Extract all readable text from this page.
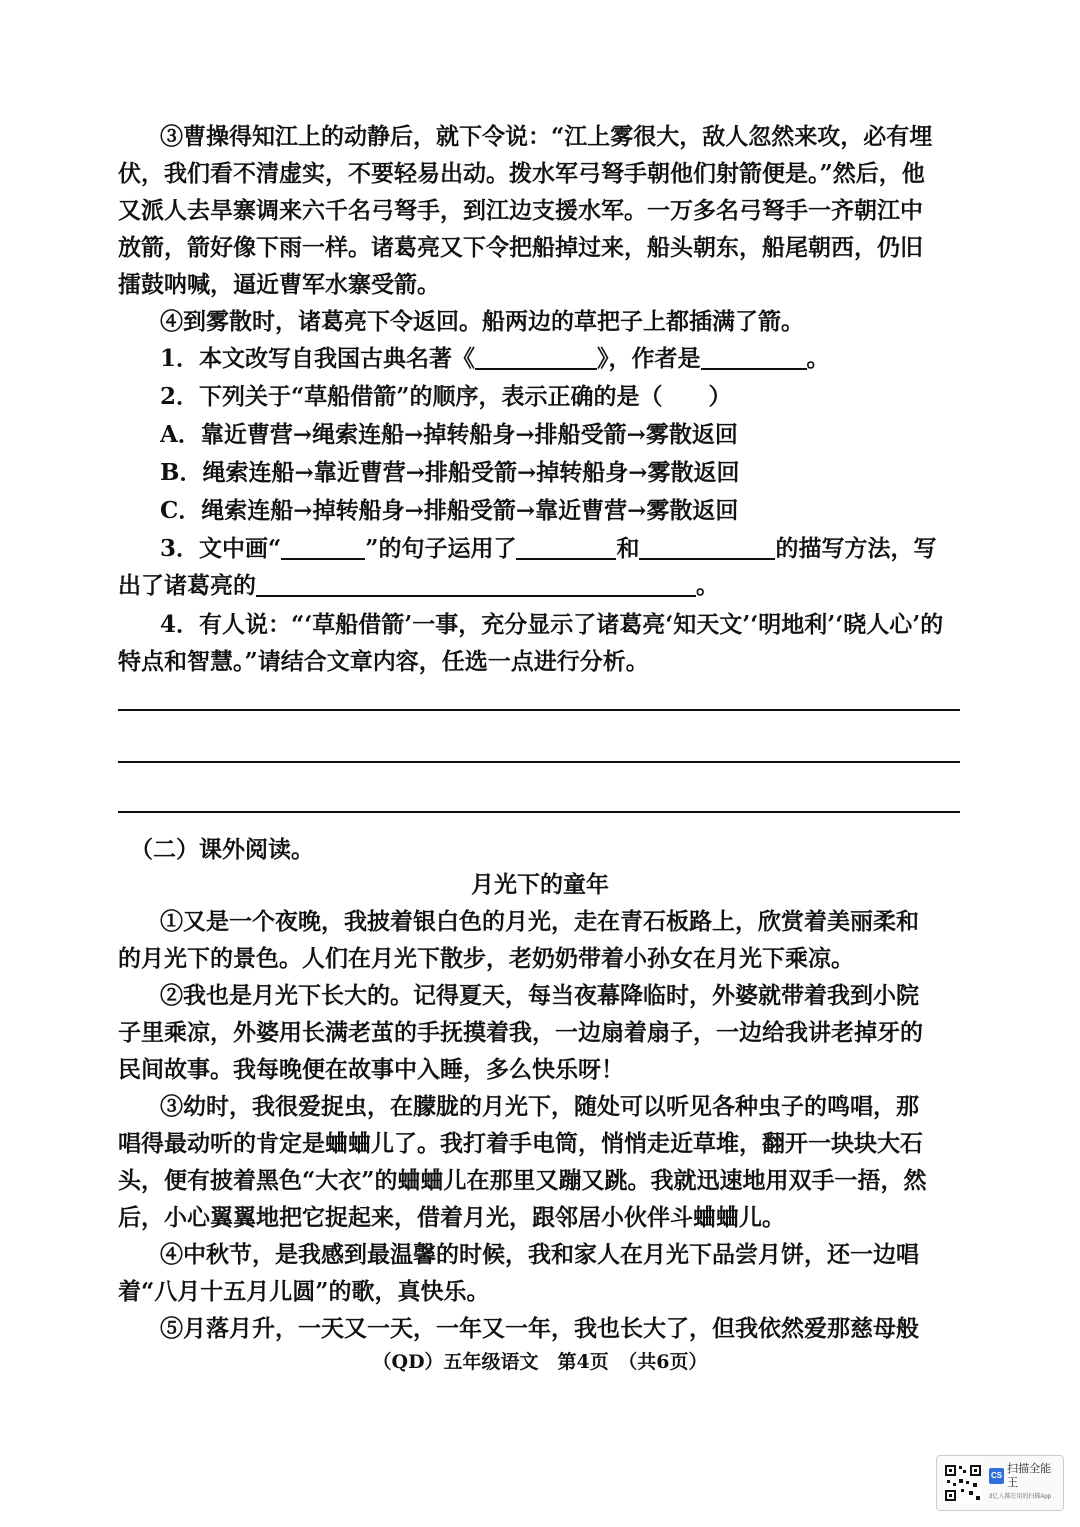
③曹操得知江上的动静后，就下令说：“江上雾很大，敌人忽然来攻，必有埋
伏，我们看不清虚实，不要轻易出动。拨水军弓弩手朝他们射箭便是。”然后，他
又派人去旱寨调来六千名弓弩手，到江边支援水军。一万多名弓弩手一齐朝江中
放箭，箭好像下雨一样。诸葛亮又下令把船掉过来，船头朝东，船尾朝西，仍旧
擂鼓呐喊，逼近曹军水寨受箭。
④到雾散时，诸葛亮下令返回。船两边的草把子上都插满了箭。
1．本文改写自我国古典名著《	》，作者是	。
2．下列关于“草船借箭”的顺序，表示正确的是（　　）
A．靠近曹营→绳索连船→掉转船身→排船受箭→雾散返回
B．绳索连船→靠近曹营→排船受箭→掉转船身→雾散返回
C．绳索连船→掉转船身→排船受箭→靠近曹营→雾散返回
3．文中画“	”的句子运用了	和	的描写方法，写
出了诸葛亮的	。
4．有人说：“‘草船借箭’一事，充分显示了诸葛亮‘知天文’‘明地利’‘晓人心’的
特点和智慧。”请结合文章内容，任选一点进行分析。
（二）课外阅读。
月光下的童年
①又是一个夜晚，我披着银白色的月光，走在青石板路上，欣赏着美丽柔和
的月光下的景色。人们在月光下散步，老奶奶带着小孙女在月光下乘凉。
②我也是月光下长大的。记得夏天，每当夜幕降临时，外婆就带着我到小院
子里乘凉，外婆用长满老茧的手抚摸着我，一边扇着扇子，一边给我讲老掉牙的
民间故事。我每晚便在故事中入睡，多么快乐呀！
③幼时，我很爱捉虫，在朦胧的月光下，随处可以听见各种虫子的鸣唱，那
唱得最动听的肯定是蛐蛐儿了。我打着手电筒，悄悄走近草堆，翻开一块块大石
头，便有披着黑色“大衣”的蛐蛐儿在那里又蹦又跳。我就迅速地用双手一捂，然
后，小心翼翼地把它捉起来，借着月光，跟邻居小伙伴斗蛐蛐儿。
④中秋节，是我感到最温馨的时候，我和家人在月光下品尝月饼，还一边唱
着“八月十五月儿圆”的歌，真快乐。
⑤月落月升，一天又一天，一年又一年，我也长大了，但我依然爱那慈母般
（QD）五年级语文　第4页　（共6页）
CS
扫描全能王
3亿人都在用的扫描App
